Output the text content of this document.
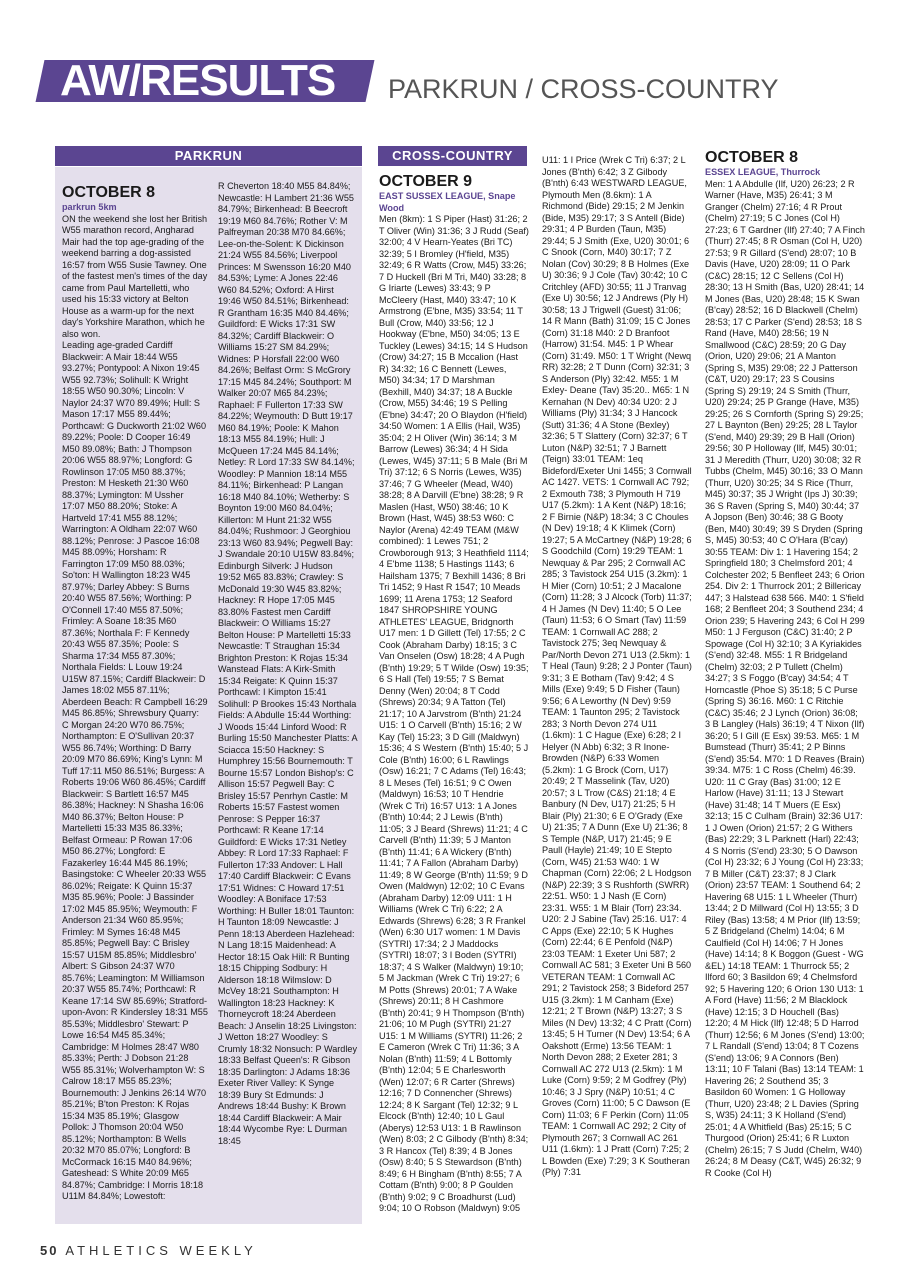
AW/RESULTS PARKRUN / CROSS-COUNTRY
PARKRUN	CROSS-COUNTRY

OCTOBER 8

parkrun 5km

ON the weekend she lost her British W55 marathon record, Angharad Mair had the top age-grading of the weekend barring a dog-assisted 16:57 from W55 Susie Tawney. One of the fastest men's times of the day came from Paul Martelletti, who used his 15:33 victory at Belton House as a warm-up for the next day's Yorkshire Marathon, which he also won.

Leading age-graded Cardiff Blackweir: A Mair 18:44 W55 93.27%; Pontypool: A Nixon 19:45 W55 92.73%; Solihull: K Wright 18:55 W50 90.30%; Lincoln: V Naylor 24:37 W70 89.49%; Hull: S Mason 17:17 M55 89.44%; Porthcawl: G Duckworth 21:02 W60 89.22%; Poole: D Cooper 16:49 M50 89.08%; Bath: J Thompson 20:06 W55 88.97%; Longford: G Rowlinson 17:05 M50 88.37%; Preston: M Hesketh 21:30 W60 88.37%; Lymington: M Ussher 17:07 M50 88.20%; Stoke: A Hartveld 17:41 M55 88.12%; Warrington: A Oldham 22:07 W60 88.12%; Penrose: J Pascoe 16:08 M45 88.09%; Horsham: R Farrington 17:09 M50 88.03%; So'ton: H Wallington 18:23 W45 87.97%; Darley Abbey: S Burns 20:40 W55 87.56%; Worthing: P O'Connell 17:40 M55 87.50%; Frimley: A Soane 18:35 M60 87.36%; Northala F: F Kennedy 20:43 W55 87.35%; Poole: S Sharma 17:34 M55 87.30%; Northala Fields: L Louw 19:24 U15W 87.15%; Cardiff Blackweir: D James 18:02 M55 87.11%; Aberdeen Beach: R Campbell 16:29 M45 86.85%; Shrewsbury Quarry: C Morgan 24:20 W70 86.75%; Northampton: E O'Sullivan 20:37 W55 86.74%; Worthing: D Barry 20:09 M70 86.69%; King's Lynn: M Tuff 17:11 M50 86.51%; Burgess: A Roberts 19:06 W60 86.45%; Cardiff Blackweir: S Bartlett 16:57 M45 86.38%; Hackney: N Shasha 16:06 M40 86.37%; Belton House: P Martelletti 15:33 M35 86.33%; Belfast Ormeau: P Rowan 17:06 M50 86.27%; Longford: E Fazakerley 16:44 M45 86.19%; Basingstoke: C Wheeler 20:33 W55 86.02%; Reigate: K Quinn 15:37 M35 85.96%; Poole: J Bassinder 17:02 M45 85.95%; Weymouth: F Anderson 21:34 W60 85.95%; Frimley: M Symes 16:48 M45 85.85%; Pegwell Bay: C Brisley 15:57 U15M 85.85%; Middlesbro' Albert: S Gibson 24:37 W70 85.76%; Leamington: M Williamson 20:37 W55 85.74%; Porthcawl: R Keane 17:14 SW 85.69%; Stratford-upon-Avon: R Kindersley 18:31 M55 85.53%; Middlesbro' Stewart: P Lowe 16:54 M45 85.34%; Cambridge: M Holmes 28:47 W80 85.33%; Perth: J Dobson 21:28 W55 85.31%; Wolverhampton W: S Calrow 18:17 M55 85.23%; Bournemouth: J Jenkins 26:14 W70 85.21%; B'ton Preston: K Rojas 15:34 M35 85.19%; Glasgow Pollok: J Thomson 20:04 W50 85.12%; Northampton: B Wells 20:32 M70 85.07%; Longford: B McCormack 16:15 M40 84.96%; Gateshead: S White 20:09 M65 84.87%; Cambridge: I Morris 18:18 U11M 84.84%; Lowestoft:

R Cheverton 18:40 M55 84.84%; Newcastle: H Lambert 21:36 W55 84.79%; Birkenhead: B Beecroft 19:19 M60 84.76%; Rother V: M Palfreyman 20:38 M70 84.66%; Lee-on-the-Solent: K Dickinson 21:24 W55 84.56%; Liverpool Princes: M Swensson 16:20 M40 84.53%; Lyme: A Jones 22:46 W60 84.52%; Oxford: A Hirst 19:46 W50 84.51%; Birkenhead: R Grantham 16:35 M40 84.46%; Guildford: E Wicks 17:31 SW 84.32%; Cardiff Blackweir: O Williams 15:27 SM 84.29%; Widnes: P Horsfall 22:00 W60 84.26%; Belfast Orm: S McGrory 17:15 M45 84.24%; Southport: M Walker 20:07 M65 84.23%; Raphael: F Fullerton 17:33 SW 84.22%; Weymouth: D Butt 19:17 M60 84.19%; Poole: K Mahon 18:13 M55 84.19%; Hull: J McQueen 17:24 M45 84.14%; Netley: R Lord 17:33 SW 84.14%; Woodley: P Mannion 18:14 M55 84.11%; Birkenhead: P Langan 16:18 M40 84.10%; Wetherby: S Boynton 19:00 M60 84.04%; Killerton: M Hunt 21:32 W55 84.04%; Rushmoor: J Georghiou 23:13 W60 83.94%; Pegwell Bay: J Swandale 20:10 U15W 83.84%; Edinburgh Silverk: J Hudson 19:52 M65 83.83%; Crawley: S McDonald 19:30 W45 83.82%; Hackney: R Hope 17:05 M45 83.80% Fastest men Cardiff Blackweir: O Williams 15:27 Belton House: P Martelletti 15:33 Newcastle: T Straughan 15:34 Brighton Preston: K Rojas 15:34 Wanstead Flats: A Kirk-Smith 15:34 Reigate: K Quinn 15:37 Porthcawl: I Kimpton 15:41 Solihull: P Brookes 15:43 Northala Fields: A Abdulle 15:44 Worthing: J Woods 15:44 Linford Wood: R Burling 15:50 Manchester Platts: A Sciacca 15:50 Hackney: S Humphrey 15:56 Bournemouth: T Bourne 15:57 London Bishop's: C Allison 15:57 Pegwell Bay: C Brisley 15:57 Penrhyn Castle: M Roberts 15:57 Fastest women Penrose: S Pepper 16:37 Porthcawl: R Keane 17:14 Guildford: E Wicks 17:31 Netley Abbey: R Lord 17:33 Raphael: F Fullerton 17:33 Andover: L Hall 17:40 Cardiff Blackweir: C Evans 17:51 Widnes: C Howard 17:51 Woodley: A Boniface 17:53 Worthing: H Buller 18:01 Taunton: H Taunton 18:09 Newcastle: J Penn 18:13 Aberdeen Hazlehead: N Lang 18:15 Maidenhead: A Hector 18:15 Oak Hill: R Bunting 18:15 Chipping Sodbury: H Alderson 18:18 Wilmslow: D McVey 18:21 Southampton: H Wallington 18:23 Hackney: K Thorneycroft 18:24 Aberdeen Beach: J Anselin 18:25 Livingston: J Wetton 18:27 Woodley: S Crumly 18:32 Nonsuch: P Wardley 18:33 Belfast Queen's: R Gibson 18:35 Darlington: J Adams 18:36 Exeter River Valley: K Synge 18:39 Bury St Edmunds: J Andrews 18:44 Bushy: K Brown 18:44 Cardiff Blackweir: A Mair 18:44 Wycombe Rye: L Durman 18:45

OCTOBER 9

EAST SUSSEX LEAGUE, Snape Wood

Men (8km): 1 S Piper (Hast) 31:26; 2 T Oliver (Win) 31:36; 3 J Rudd (Seaf) 32:00; 4 V Hearn-Yeates (Bri TC) 32:39; 5 I Bromley (H'field, M35) 32:49; 6 R Watts (Crow, M45) 33:26; 7 D Huckell (Bri M Tri, M40) 33:28; 8 G Iriarte (Lewes) 33:43; 9 P McCleery (Hast, M40) 33:47; 10 K Armstrong (E'bne, M35) 33:54; 11 T Bull (Crow, M40) 33:56; 12 J Hookway (E'bne, M50) 34:05; 13 E Tuckley (Lewes) 34:15; 14 S Hudson (Crow) 34:27; 15 B Mccalion (Hast R) 34:32; 16 C Bennett (Lewes, M50) 34:34; 17 D Marshman (Bexhill, M40) 34:37; 18 A Buckle (Crow, M55) 34:46; 19 S Pelling (E'bne) 34:47; 20 O Blaydon (H'field) 34:50 Women: 1 A Ellis (Hail, W35) 35:04; 2 H Oliver (Win) 36:14; 3 M Barrow (Lewes) 36:34; 4 H Sida (Lewes, W45) 37:11; 5 B Male (Bri M Tri) 37:12; 6 S Norris (Lewes, W35) 37:46; 7 G Wheeler (Mead, W40) 38:28; 8 A Darvill (E'bne) 38:28; 9 R Maslen (Hast, W50) 38:46; 10 K Brown (Hast, W45) 38:53 W60: C Naylor (Arena) 42:49 TEAM (M&W combined): 1 Lewes 751; 2 Crowborough 913; 3 Heathfield 1114; 4 E'bme 1138; 5 Hastings 1143; 6 Hailsham 1375; 7 Bexhill 1436; 8 Bri Tri 1452; 9 Hast R 1547; 10 Meads 1699; 11 Arena 1753; 12 Seaford 1847 SHROPSHIRE YOUNG ATHLETES' LEAGUE, Bridgnorth U17 men: 1 D Gillett (Tel) 17:55; 2 C Cook (Abraham Darby) 18:15; 3 C Van Onselen (Osw) 18:28; 4 A Pugh (B'nth) 19:29; 5 T Wilde (Osw) 19:35; 6 S Hall (Tel) 19:55; 7 S Bemat Denny (Wen) 20:04; 8 T Codd (Shrews) 20:34; 9 A Tatton (Tel) 21:17; 10 A Jarvstrom (B'nth) 21:24 U15: 1 O Carvell (B'nth) 15:16; 2 W Kay (Tel) 15:23; 3 D Gill (Maldwyn) 15:36; 4 S Western (B'nth) 15:40; 5 J Cole (B'nth) 16:00; 6 L Rawlings (Osw) 16:21; 7 C Adams (Tel) 16:43; 8 L Meses (Tel) 16:51; 9 C Owen (Maldwyn) 16:53; 10 T Hendrie (Wrek C Tri) 16:57 U13: 1 A Jones (B'nth) 10:44; 2 J Lewis (B'nth) 11:05; 3 J Beard (Shrews) 11:21; 4 C Carvell (B'nth) 11:39; 5 J Manton (B'nth) 11:41; 6 A Wickery (B'nth) 11:41; 7 A Fallon (Abraham Darby) 11:49; 8 W George (B'nth) 11:59; 9 D Owen (Maldwyn) 12:02; 10 C Evans (Abraham Darby) 12:09 U11: 1 H Williams (Wrek C Tri) 6:22; 2 A Edwards (Shrews) 6:28; 3 R Frankel (Wen) 6:30 U17 women: 1 M Davis (SYTRI) 17:34; 2 J Maddocks (SYTRI) 18:07; 3 I Boden (SYTRI) 18:37; 4 S Walker (Maldwyn) 19:10; 5 M Jackman (Wrek C Tri) 19:27; 6 M Potts (Shrews) 20:01; 7 A Wake (Shrews) 20:11; 8 H Cashmore (B'nth) 20:41; 9 H Thompson (B'nth) 21:06; 10 M Pugh (SYTRI) 21:27 U15: 1 M Williams (SYTRI) 11:26; 2 E Cameron (Wrek C Tri) 11:36; 3 A Nolan (B'nth) 11:59; 4 L Bottomly (B'nth) 12:04; 5 E Charlesworth (Wen) 12:07; 6 R Carter (Shrews) 12:16; 7 D Connencher (Shrews) 12:24; 8 K Sargant (Tel) 12:32; 9 L Elcock (B'nth) 12:40; 10 L Gaul (Aberys) 12:53 U13: 1 B Rawlinson (Wen) 8:03; 2 C Gilbody (B'nth) 8:34; 3 R Hancox (Tel) 8:39; 4 B Jones (Osw) 8:40; 5 S Stewardson (B'nth) 8:49; 6 H Bingham (B'nth) 8:55; 7 A Cottam (B'nth) 9:00; 8 P Goulden (B'nth) 9:02; 9 C Broadhurst (Lud) 9:04; 10 O Robson (Maldwyn) 9:05

U11: 1 I Price (Wrek C Tri) 6:37; 2 L Jones (B'nth) 6:42; 3 Z Gilbody (B'nth) 6:43 WESTWARD LEAGUE, Plymouth Men (8.6km): 1 A Richmond (Bide) 29:15; 2 M Jenkin (Bide, M35) 29:17; 3 S Antell (Bide) 29:31; 4 P Burden (Taun, M35) 29:44; 5 J Smith (Exe, U20) 30:01; 6 C Snook (Corn, M40) 30:17; 7 Z Nolan (Cov) 30:29; 8 B Holmes (Exe U) 30:36; 9 J Cole (Tav) 30:42; 10 C Critchley (AFD) 30:55; 11 J Tranvag (Exe U) 30:56; 12 J Andrews (Ply H) 30:58; 13 J Trigwell (Guest) 31:06; 14 R Mann (Bath) 31:09; 15 C Jones (Corn) 31:18 M40: 2 D Branfoot (Harrow) 31:54. M45: 1 P Whear (Corn) 31:49. M50: 1 T Wright (Newq RR) 32:28; 2 T Dunn (Corn) 32:31; 3 S Anderson (Ply) 32:42. M55: 1 M Exley- Deane (Tav) 35:20.. M65: 1 N Kernahan (N Dev) 40:34 U20: 2 J Williams (Ply) 31:34; 3 J Hancock (Sutt) 31:36; 4 A Stone (Bexley) 32:36; 5 T Slattery (Corn) 32:37; 6 T Luton (N&P) 32:51; 7 J Barnett (Teign) 33:01 TEAM: 1eq Bideford/Exeter Uni 1455; 3 Cornwall AC 1427. VETS: 1 Cornwall AC 792; 2 Exmouth 738; 3 Plymouth H 719 U17 (5.2km): 1 A Kent (N&P) 18:16; 2 F Birnie (N&P) 18:34; 3 C Choules (N Dev) 19:18; 4 K Klimek (Corn) 19:27; 5 A McCartney (N&P) 19:28; 6 S Goodchild (Corn) 19:29 TEAM: 1 Newquay & Par 295; 2 Cornwall AC 285; 3 Tavistock 254 U15 (3.2km): 1 H Mier (Corn) 10:51; 2 J Macalone (Corn) 11:28; 3 J Alcock (Torb) 11:37; 4 H James (N Dev) 11:40; 5 O Lee (Taun) 11:53; 6 O Smart (Tav) 11:59 TEAM: 1 Cornwall AC 288; 2 Tavistock 275; 3eq Newquay & Par/North Devon 271 U13 (2.5km): 1 T Heal (Taun) 9:28; 2 J Ponter (Taun) 9:31; 3 E Botham (Tav) 9:42; 4 S Mills (Exe) 9:49; 5 D Fisher (Taun) 9:56; 6 A Leworthy (N Dev) 9:59 TEAM: 1 Taunton 295; 2 Tavistock 283; 3 North Devon 274 U11 (1.6km): 1 C Hague (Exe) 6:28; 2 I Helyer (N Abb) 6:32; 3 R Inone-Browden (N&P) 6:33 Women (5.2km): 1 G Brock (Corn, U17) 20:49; 2 T Masselink (Tav, U20) 20:57; 3 L Trow (C&S) 21:18; 4 E Banbury (N Dev, U17) 21:25; 5 H Blair (Ply) 21:30; 6 E O'Grady (Exe U) 21:35; 7 A Dunn (Exe U) 21:36; 8 S Temple (N&P, U17) 21:45; 9 E Paull (Hayle) 21:49; 10 E Stepto (Corn, W45) 21:53 W40: 1 W Chapman (Corn) 22:06; 2 L Hodgson (N&P) 22:39; 3 S Rushforth (SWRR) 22:51. W50: 1 J Nash (E Corn) 23:31. W55: 1 M Blair (Torr) 23:34. U20: 2 J Sabine (Tav) 25:16. U17: 4 C Apps (Exe) 22:10; 5 K Hughes (Corn) 22:44; 6 E Penfold (N&P) 23:03 TEAM: 1 Exeter Uni 587; 2 Cornwall AC 581; 3 Exeter Uni B 560 VETERAN TEAM: 1 Cornwall AC 291; 2 Tavistock 258; 3 Bideford 257 U15 (3.2km): 1 M Canham (Exe) 12:21; 2 T Brown (N&P) 13:27; 3 S Miles (N Dev) 13:32; 4 C Pratt (Corn) 13:45; 5 H Turner (N Dev) 13:54; 6 A Oakshott (Erme) 13:56 TEAM: 1 North Devon 288; 2 Exeter 281; 3 Cornwall AC 272 U13 (2.5km): 1 M Luke (Corn) 9:59; 2 M Godfrey (Ply) 10:46; 3 J Spry (N&P) 10:51; 4 C Groves (Corn) 11:00; 5 C Dawson (E Corn) 11:03; 6 F Perkin (Corn) 11:05 TEAM: 1 Cornwall AC 292; 2 City of Plymouth 267; 3 Cornwall AC 261 U11 (1.6km): 1 J Pratt (Corn) 7:25; 2 L Bowden (Exe) 7:29; 3 K Southeran (Ply) 7:31

OCTOBER 8

ESSEX LEAGUE, Thurrock

Men: 1 A Abdulle (Ilf, U20) 26:23; 2 R Warner (Have, M35) 26:41; 3 M Granger (Chelm) 27:16; 4 R Prout (Chelm) 27:19; 5 C Jones (Col H) 27:23; 6 T Gardner (Ilf) 27:40; 7 A Finch (Thurr) 27:45; 8 R Osman (Col H, U20) 27:53; 9 R Gillard (S'end) 28:07; 10 B Davis (Have, U20) 28:09; 11 O Park (C&C) 28:15; 12 C Sellens (Col H) 28:30; 13 H Smith (Bas, U20) 28:41; 14 M Jones (Bas, U20) 28:48; 15 K Swan (B'cay) 28:52; 16 D Blackwell (Chelm) 28:53; 17 C Parker (S'end) 28:53; 18 S Rand (Have, M40) 28:56; 19 N Smallwood (C&C) 28:59; 20 G Day (Orion, U20) 29:06; 21 A Manton (Spring S, M35) 29:08; 22 J Patterson (C&T, U20) 29:17; 23 S Cousins (Spring S) 29:19; 24 S Smith (Thurr, U20) 29:24; 25 P Grange (Have, M35) 29:25; 26 S Cornforth (Spring S) 29:25; 27 L Baynton (Ben) 29:25; 28 L Taylor (S'end, M40) 29:39; 29 B Hall (Orion) 29:56; 30 P Holloway (Ilf, M45) 30:01; 31 J Meredith (Thurr, U20) 30:08; 32 R Tubbs (Chelm, M45) 30:16; 33 O Mann (Thurr, U20) 30:25; 34 S Rice (Thurr, M45) 30:37; 35 J Wright (Ips J) 30:39; 36 S Raven (Spring S, M40) 30:44; 37 A Jopson (Ben) 30:46; 38 G Booty (Ben, M40) 30:49; 39 S Dryden (Spring S, M45) 30:53; 40 C O'Hara (B'cay) 30:55 TEAM: Div 1: 1 Havering 154; 2 Springfield 180; 3 Chelmsford 201; 4 Colchester 202; 5 Benfleet 243; 6 Orion 254. Div 2: 1 Thurrock 201; 2 Billericay 447; 3 Halstead 638 566. M40: 1 S'field 168; 2 Benfleet 204; 3 Southend 234; 4 Orion 239; 5 Havering 243; 6 Col H 299 M50: 1 J Ferguson (C&C) 31:40; 2 P Spowage (Col H) 32:10; 3 A Kyriakides (S'end) 32:48. M55: 1 R Bridgeland (Chelm) 32:03; 2 P Tullett (Chelm) 34:27; 3 S Foggo (B'cay) 34:54; 4 T Horncastle (Phoe S) 35:18; 5 C Purse (Spring S) 36:16. M60: 1 C Ritchie (C&C) 35:46; 2 J Lynch (Orion) 36:08; 3 B Langley (Hals) 36:19; 4 T Nixon (Ilf) 36:20; 5 I Gill (E Esx) 39:53. M65: 1 M Bumstead (Thurr) 35:41; 2 P Binns (S'end) 35:54. M70: 1 D Reaves (Brain) 39:34. M75: 1 C Ross (Chelm) 46:39. U20: 11 C Gray (Bas) 31:00; 12 E Harlow (Have) 31:11; 13 J Stewart (Have) 31:48; 14 T Muers (E Esx) 32:13; 15 C Culham (Brain) 32:36 U17: 1 J Owen (Orion) 21:57; 2 G Withers (Bas) 22:29; 3 L Parknett (Harl) 22:43; 4 S Norris (S'end) 23:30; 5 O Dawson (Col H) 23:32; 6 J Young (Col H) 23:33; 7 B Miller (C&T) 23:37; 8 J Clark (Orion) 23:57 TEAM: 1 Southend 64; 2 Havering 68 U15: 1 L Wheeler (Thurr) 13:44; 2 D Millward (Col H) 13:55; 3 D Riley (Bas) 13:58; 4 M Prior (Ilf) 13:59; 5 Z Bridgeland (Chelm) 14:04; 6 M Caulfield (Col H) 14:06; 7 H Jones (Have) 14:14; 8 K Boggon (Guest - WG &EL) 14:18 TEAM: 1 Thurrock 55; 2 Ilford 60; 3 Basildon 69; 4 Chelmsford 92; 5 Havering 120; 6 Orion 130 U13: 1 A Ford (Have) 11:56; 2 M Blacklock (Have) 12:15; 3 D Houchell (Bas) 12:20; 4 M Hick (Ilf) 12:48; 5 D Harrod (Thurr) 12:56; 6 M Jones (S'end) 13:00; 7 L Randall (S'end) 13:04; 8 T Cozens (S'end) 13:06; 9 A Connors (Ben) 13:11; 10 F Talani (Bas) 13:14 TEAM: 1 Havering 26; 2 Southend 35; 3 Basildon 60 Women: 1 G Holloway (Thurr, U20) 23:48; 2 L Davies (Spring S, W35) 24:11; 3 K Holland (S'end) 25:01; 4 A Whitfield (Bas) 25:15; 5 C Thurgood (Orion) 25:41; 6 R Luxton (Chelm) 26:15; 7 S Judd (Chelm, W40) 26:24; 8 M Deasy (C&T, W45) 26:32; 9 R Cooke (Col H)

50 ATHLETICS WEEKLY
